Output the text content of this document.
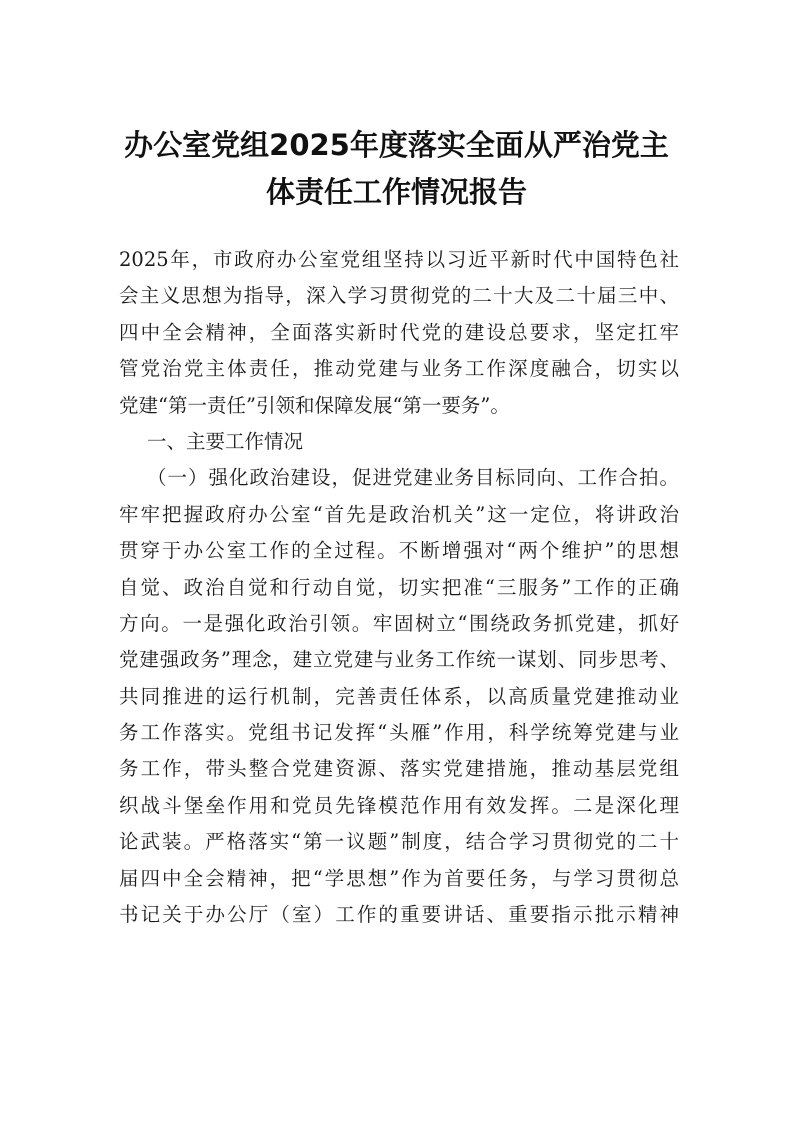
办公室党组2025年度落实全面从严治党主
体责任工作情况报告
2025年，市政府办公室党组坚持以习近平新时代中国特色社
会主义思想为指导，深入学习贯彻党的二十大及二十届三中、
四中全会精神，全面落实新时代党的建设总要求，坚定扛牢
管党治党主体责任，推动党建与业务工作深度融合，切实以
党建“第一责任”引领和保障发展“第一要务”。
一、主要工作情况
（一）强化政治建设，促进党建业务目标同向、工作合拍。
牢牢把握政府办公室“首先是政治机关”这一定位，将讲政治
贯穿于办公室工作的全过程。不断增强对“两个维护”的思想
自觉、政治自觉和行动自觉，切实把准“三服务”工作的正确
方向。一是强化政治引领。牢固树立“围绕政务抓党建，抓好
党建强政务”理念，建立党建与业务工作统一谋划、同步思考、
共同推进的运行机制，完善责任体系，以高质量党建推动业
务工作落实。党组书记发挥“头雁”作用，科学统筹党建与业
务工作，带头整合党建资源、落实党建措施，推动基层党组
织战斗堡垒作用和党员先锋模范作用有效发挥。二是深化理
论武装。严格落实“第一议题”制度，结合学习贯彻党的二十
届四中全会精神，把“学思想”作为首要任务，与学习贯彻总
书记关于办公厅（室）工作的重要讲话、重要指示批示精神
